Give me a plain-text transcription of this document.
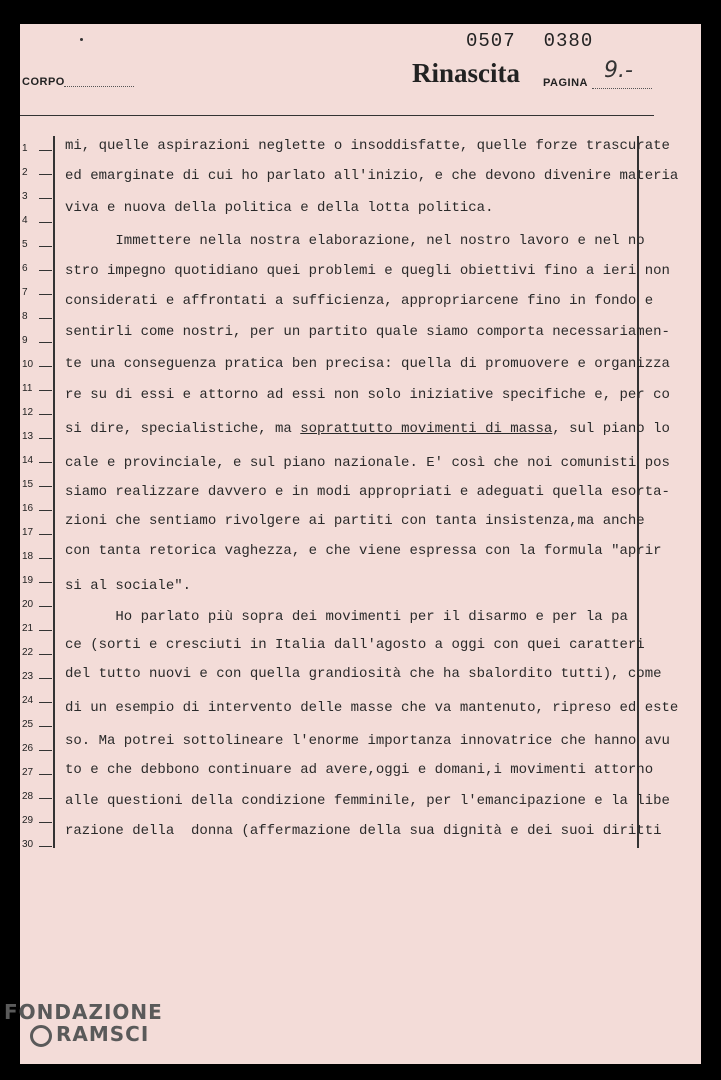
0507 0380
CORPO	Rinascita PAGINA 9.-
1
2
3
4
5
6
7
8
9
10
11
12
13
14
15
16
17
18
19
20
21
22
23
24
25
26
27
28
29
30
mi, quelle aspirazioni neglette o insoddisfatte, quelle forze trascurate
ed emarginate di cui ho parlato all'inizio, e che devono divenire materia
viva e nuova della politica e della lotta politica.
Immettere nella nostra elaborazione, nel nostro lavoro e nel no
stro impegno quotidiano quei problemi e quegli obiettivi fino a ieri non
considerati e affrontati a sufficienza, appropriarcene fino in fondo e
sentirli come nostri, per un partito quale siamo comporta necessariamen-
te una conseguenza pratica ben precisa: quella di promuovere e organizza
re su di essi e attorno ad essi non solo iniziative specifiche e, per co
si dire, specialistiche, ma soprattutto movimenti di massa, sul piano lo
cale e provinciale, e sul piano nazionale. E' così che noi comunisti pos
siamo realizzare davvero e in modi appropriati e adeguati quella esorta-
zioni che sentiamo rivolgere ai partiti con tanta insistenza,ma anche
con tanta retorica vaghezza, e che viene espressa con la formula "aprir
si al sociale".
Ho parlato più sopra dei movimenti per il disarmo e per la pa
ce (sorti e cresciuti in Italia dall'agosto a oggi con quei caratteri
del tutto nuovi e con quella grandiosità che ha sbalordito tutti), come
di un esempio di intervento delle masse che va mantenuto, ripreso ed este
so. Ma potrei sottolineare l'enorme importanza innovatrice che hanno avu
to e che debbono continuare ad avere,oggi e domani,i movimenti attorno
alle questioni della condizione femminile, per l'emancipazione e la libe
razione della  donna (affermazione della sua dignità e dei suoi diritti
FONDAZIONE
RAMSCI
